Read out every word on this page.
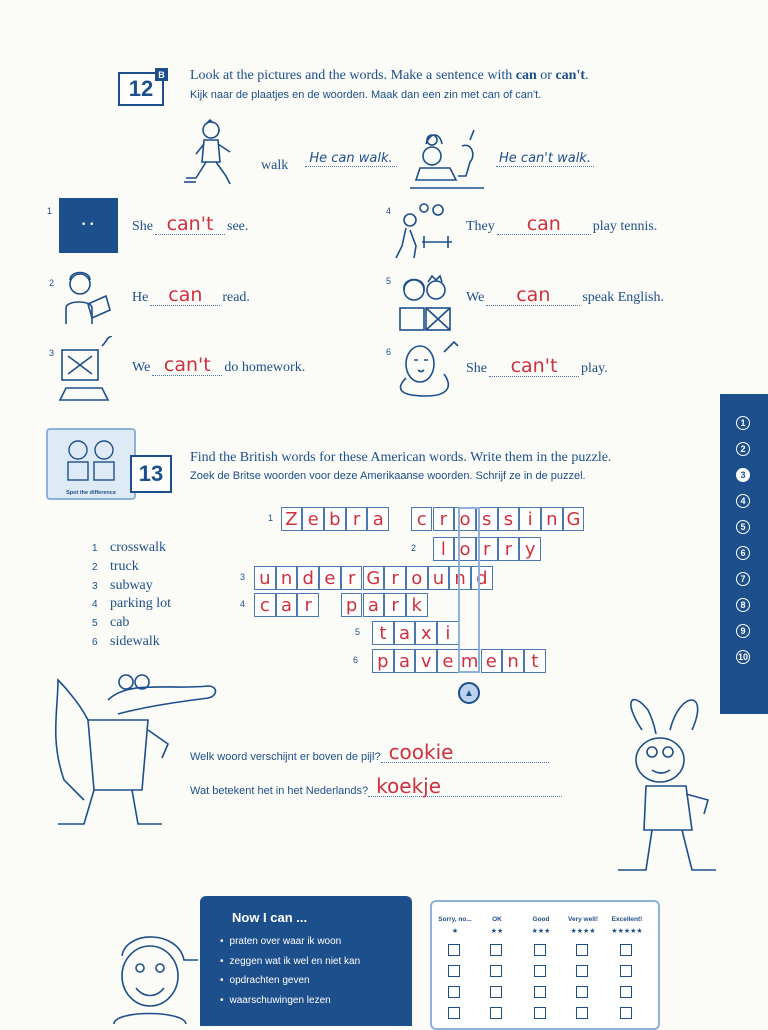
12
B Look at the pictures and the words. Make a sentence with can or can't.
Kijk naar de plaatjes en de woorden. Maak dan een zin met can of can't.
walk	He can walk.	He can't walk.
1
• •	She can't see.
2
He	can	read.
3
We can't do homework.
4
They	can	play tennis.
5
We	can	speak English.
6
She	can't	play.
1
2
3
4
5
6
7
8
9
10
Spot the difference
13
Find the British words for these American words. Write them in the puzzle.
Zoek de Britse woorden voor deze Amerikaanse woorden. Schrijf ze in de puzzel.
1 crosswalk
2 truck
3 subway
4 parking lot
5 cab
6 sidewalk
1 Z e b r a	c r o s s i n G
2	l o r r y
3 u n d e r G r o u n d
4 c a r	p a r k
5	t a x i
6 p a v e m e n t
▲
Welk woord verschijnt er boven de pijl? cookie
Wat betekent het in het Nederlands? koekje
Now I can ...
• praten over waar ik woon
• zeggen wat ik wel en niet kan
• opdrachten geven
• waarschuwingen lezen
Sorry, no...
★
OK
★★
Good
★★★
Very well!
★★★★
Excellent!
★★★★★
